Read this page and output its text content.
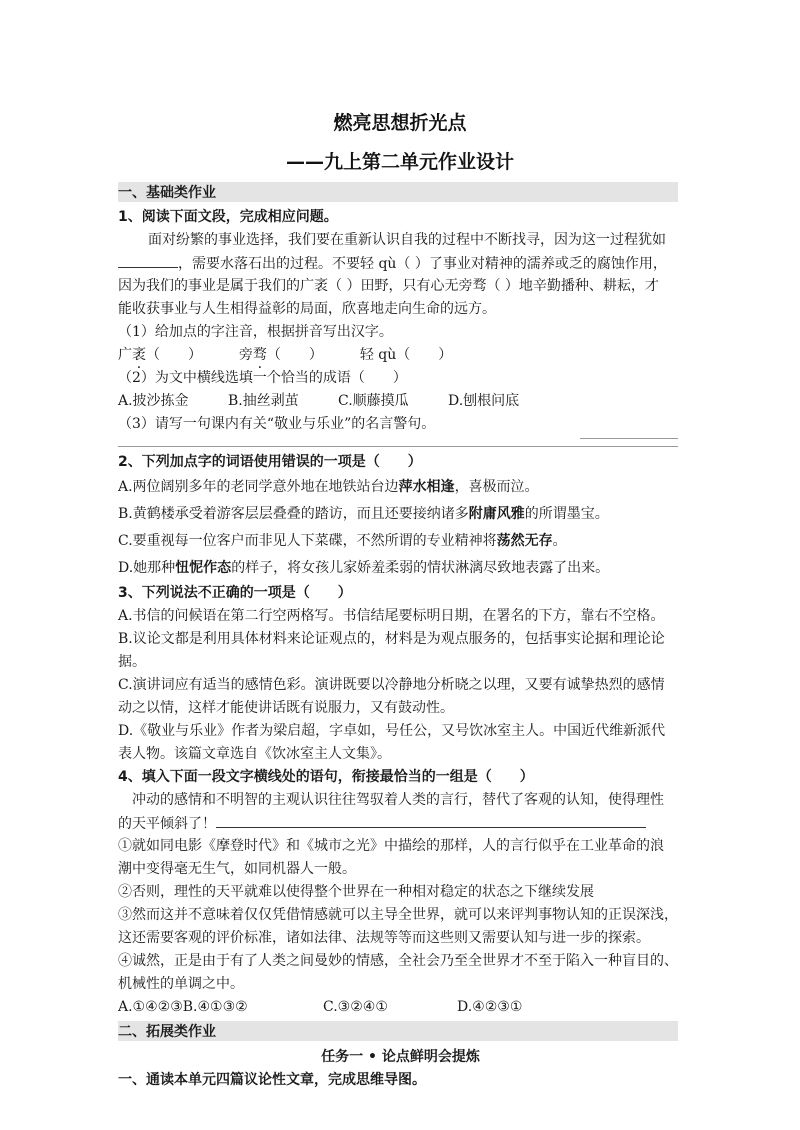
燃亮思想折光点
——九上第二单元作业设计
一、基础类作业
1、阅读下面文段，完成相应问题。
面对纷繁的事业选择，我们要在重新认识自我的过程中不断找寻，因为这一过程犹如
，需要水落石出的过程。不要轻 qù（ ）了事业对精神的濡养或乏的腐蚀作用，
因为我们的事业是属于我们的广袤（ ）田野，只有心无旁骛（ ）地辛勤播种、耕耘，才
能收获事业与人生相得益彰的局面，欣喜地走向生命的远方。
（1）给加点的字注音，根据拼音写出汉字。
广袤（　　）	旁骛（　　）	轻 qù（　　）
（2）为文中横线选填一个恰当的成语（　　）
A.披沙拣金	B.抽丝剥茧	C.顺藤摸瓜	D.刨根问底
（3）请写一句课内有关“敬业与乐业”的名言警句。
2、下列加点字的词语使用错误的一项是（　　）
A.两位阔别多年的老同学意外地在地铁站台边萍水相逢，喜极而泣。
B.黄鹤楼承受着游客层层叠叠的踏访，而且还要接纳诸多附庸风雅的所谓墨宝。
C.要重视每一位客户而非见人下菜碟，不然所谓的专业精神将荡然无存。
D.她那种忸怩作态的样子，将女孩儿家娇羞柔弱的情状淋漓尽致地表露了出来。
3、下列说法不正确的一项是（　　）
A.书信的问候语在第二行空两格写。书信结尾要标明日期，在署名的下方，靠右不空格。
B.议论文都是利用具体材料来论证观点的，材料是为观点服务的，包括事实论据和理论论
据。
C.演讲词应有适当的感情色彩。演讲既要以冷静地分析晓之以理，又要有诚挚热烈的感情
动之以情，这样才能使讲话既有说服力，又有鼓动性。
D.《敬业与乐业》作者为梁启超，字卓如，号任公，又号饮冰室主人。中国近代维新派代
表人物。该篇文章选自《饮冰室主人文集》。
4、填入下面一段文字横线处的语句，衔接最恰当的一组是（　　）
冲动的感情和不明智的主观认识往往驾驭着人类的言行，替代了客观的认知，使得理性
的天平倾斜了！
①就如同电影《摩登时代》和《城市之光》中描绘的那样，人的言行似乎在工业革命的浪
潮中变得毫无生气，如同机器人一般。
②否则，理性的天平就难以使得整个世界在一种相对稳定的状态之下继续发展
③然而这并不意味着仅仅凭借情感就可以主导全世界，就可以来评判事物认知的正误深浅，
这还需要客观的评价标准，诸如法律、法规等等而这些则又需要认知与进一步的探索。
④诚然，正是由于有了人类之间曼妙的情感，全社会乃至全世界才不至于陷入一种盲目的、
机械性的单调之中。
A.①④②③B.④①③②	C.③②④①	D.④②③①
二、拓展类作业
任务一 • 论点鲜明会提炼
一、通读本单元四篇议论性文章，完成思维导图。
